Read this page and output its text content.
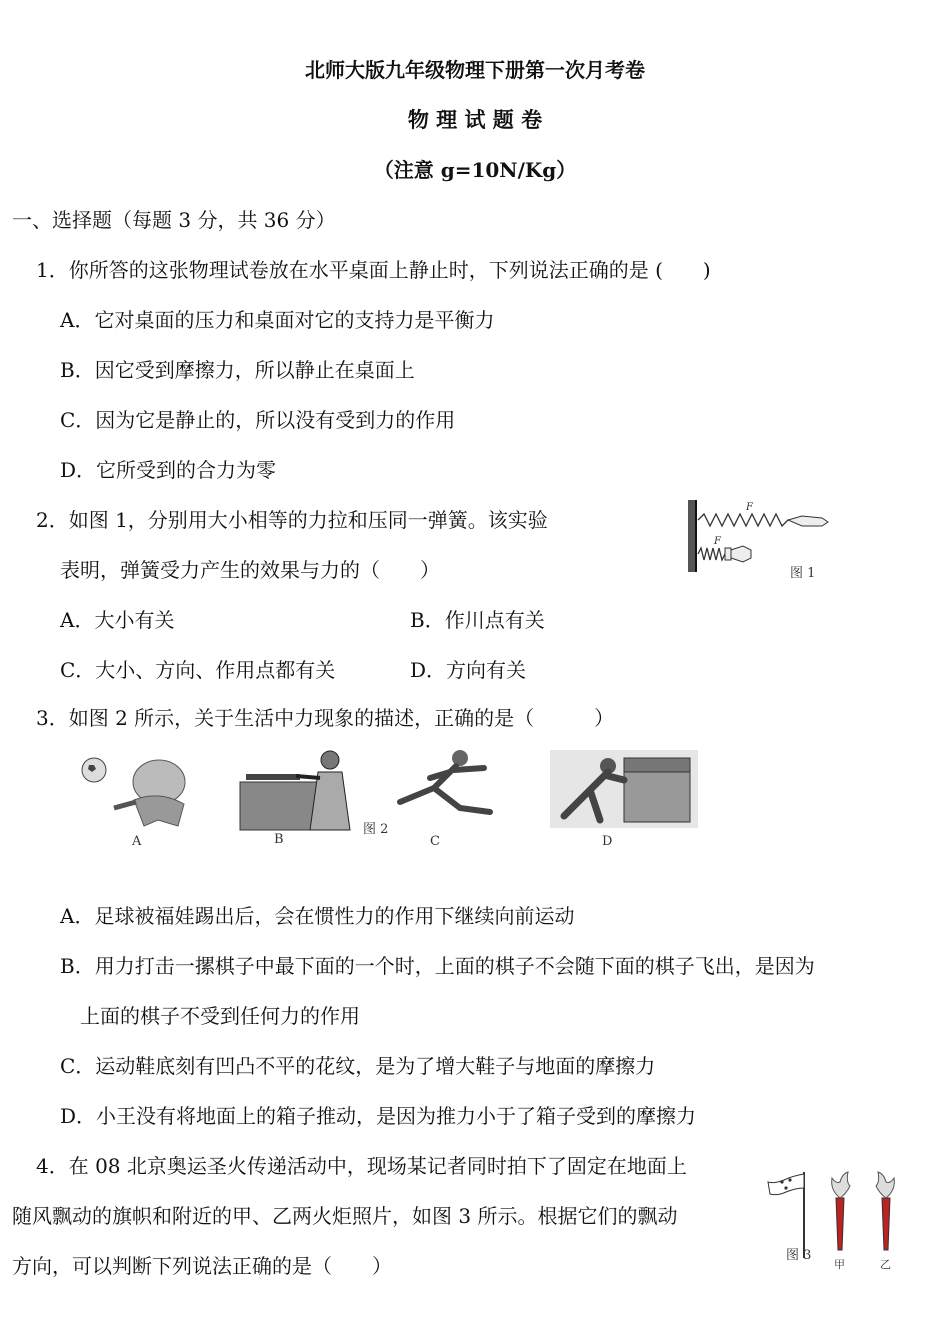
北师大版九年级物理下册第一次月考卷
物 理 试 题 卷
（注意 g=10N/Kg）
一、选择题（每题 3 分，共 36 分）
1．你所答的这张物理试卷放在水平桌面上静止时，下列说法正确的是 (　　)
A．它对桌面的压力和桌面对它的支持力是平衡力
B．因它受到摩擦力，所以静止在桌面上
C．因为它是静止的，所以没有受到力的作用
D．它所受到的合力为零
2．如图 1，分别用大小相等的力拉和压同一弹簧。该实验
表明，弹簧受力产生的效果与力的（　　）
A．大小有关	B．作川点有关
C．大小、方向、作用点都有关	D．方向有关
F
F
图 1
3．如图 2 所示，关于生活中力现象的描述，正确的是（　　　）
A	B
图 2
C	D
A．足球被福娃踢出后，会在惯性力的作用下继续向前运动
B．用力打击一摞棋子中最下面的一个时，上面的棋子不会随下面的棋子飞出，是因为
上面的棋子不受到任何力的作用
C．运动鞋底刻有凹凸不平的花纹，是为了增大鞋子与地面的摩擦力
D．小王没有将地面上的箱子推动，是因为推力小于了箱子受到的摩擦力
4．在 08 北京奥运圣火传递活动中，现场某记者同时拍下了固定在地面上
随风飘动的旗帜和附近的甲、乙两火炬照片，如图 3 所示。根据它们的飘动
方向，可以判断下列说法正确的是（　　）	图 3
甲	乙
